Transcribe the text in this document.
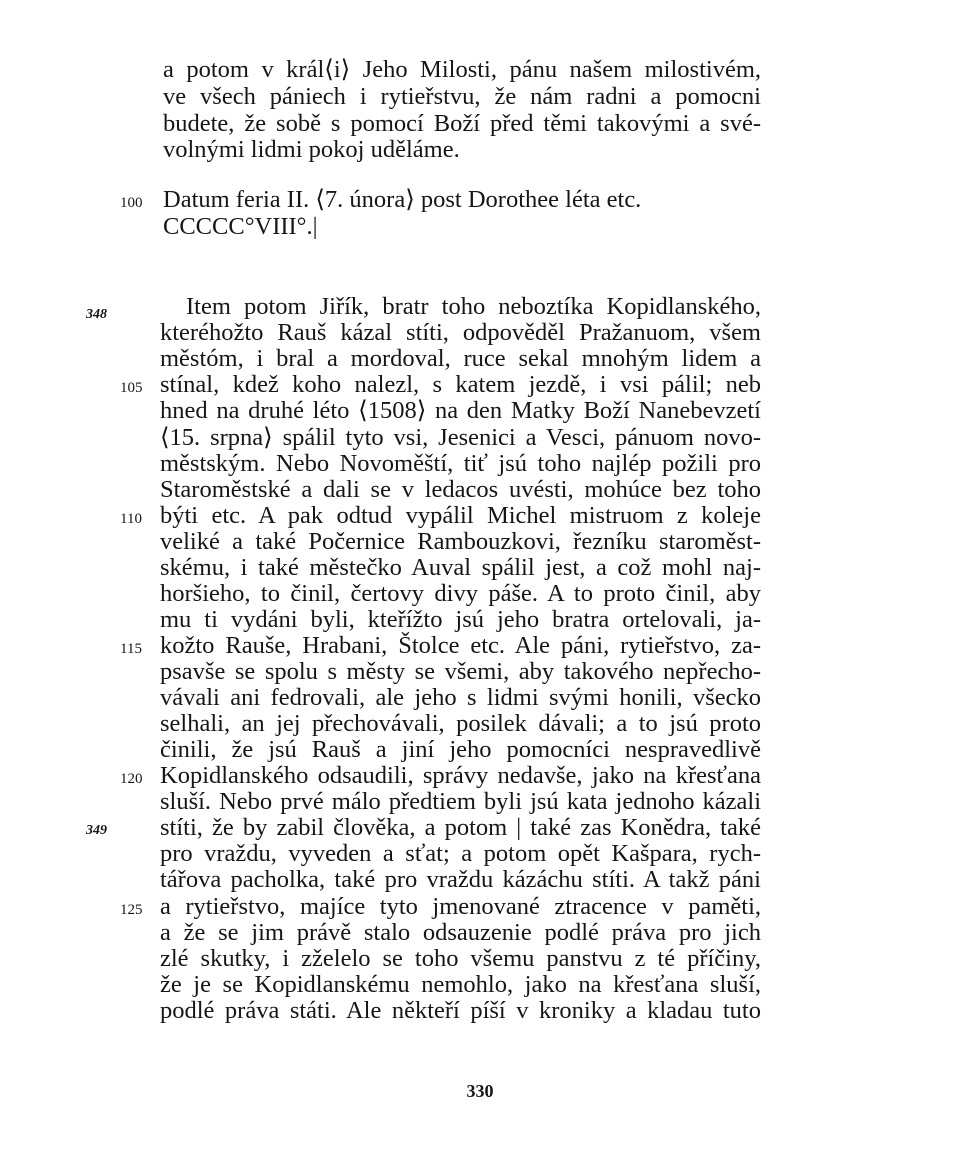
a potom v král⟨i⟩ Jeho Milosti, pánu našem milostivém,
ve všech pániech i rytieřstvu, že nám radni a pomocni
budete, že sobě s pomocí Boží před těmi takovými a své-
volnými lidmi pokoj uděláme.
100 Datum feria II. ⟨7. února⟩ post Dorothee léta etc.
CCCCC°VIII°.|
348	Item potom Jiřík, bratr toho neboztíka Kopidlanského,
kteréhožto Rauš kázal stíti, odpověděl Pražanuom, všem
městóm, i bral a mordoval, ruce sekal mnohým lidem a
105 stínal, kdež koho nalezl, s katem jezdě, i vsi pálil; neb
hned na druhé léto ⟨1508⟩ na den Matky Boží Nanebevzetí
⟨15. srpna⟩ spálil tyto vsi, Jesenici a Vesci, pánuom novo-
městským. Nebo Novoměští, tiť jsú toho najlép požili pro
Staroměstské a dali se v ledacos uvésti, mohúce bez toho
110 býti etc. A pak odtud vypálil Michel mistruom z koleje
veliké a také Počernice Rambouzkovi, řezníku staroměst-
skému, i také městečko Auval spálil jest, a což mohl naj-
horšieho, to činil, čertovy divy páše. A to proto činil, aby
mu ti vydáni byli, kteřížto jsú jeho bratra ortelovali, ja-
115 kožto Rauše, Hrabani, Štolce etc. Ale páni, rytieřstvo, za-
psavše se spolu s městy se všemi, aby takového nepřecho-
vávali ani fedrovali, ale jeho s lidmi svými honili, všecko
selhali, an jej přechovávali, posilek dávali; a to jsú proto
činili, že jsú Rauš a jiní jeho pomocníci nespravedlivě
120 Kopidlanského odsaudili, správy nedavše, jako na křesťana
sluší. Nebo prvé málo předtiem byli jsú kata jednoho kázali
349 stíti, že by zabil člověka, a potom | také zas Konědra, také
pro vraždu, vyveden a sťat; a potom opět Kašpara, rych-
tářova pacholka, také pro vraždu kázáchu stíti. A takž páni
125 a rytieřstvo, majíce tyto jmenované ztracence v paměti,
a že se jim právě stalo odsauzenie podlé práva pro jich
zlé skutky, i zželelo se toho všemu panstvu z té příčiny,
že je se Kopidlanskému nemohlo, jako na křesťana sluší,
podlé práva státi. Ale někteří píší v kroniky a kladau tuto
330
